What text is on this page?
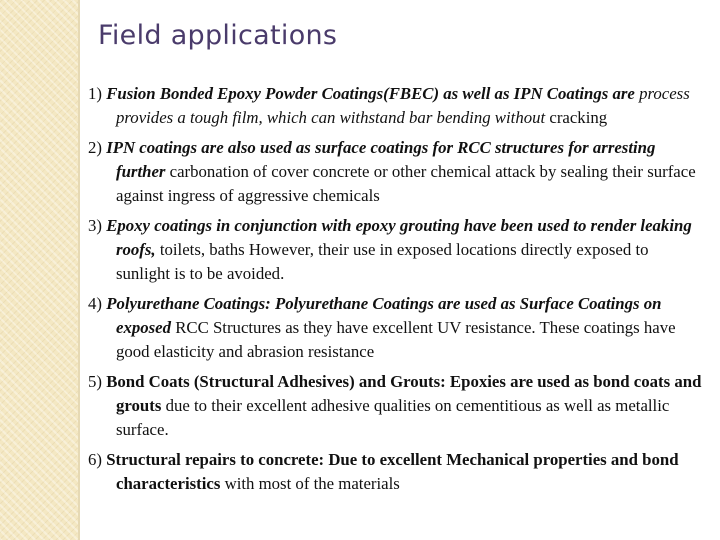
Field applications
1) Fusion Bonded Epoxy Powder Coatings(FBEC) as well as IPN Coatings are process provides a tough film, which can withstand bar bending without cracking
2) IPN coatings are also used as surface coatings for RCC structures for arresting further carbonation of cover concrete or other chemical attack by sealing their surface against ingress of aggressive chemicals
3) Epoxy coatings in conjunction with epoxy grouting have been used to render leaking roofs, toilets, baths However, their use in exposed locations directly exposed to sunlight is to be avoided.
4) Polyurethane Coatings: Polyurethane Coatings are used as Surface Coatings on exposed RCC Structures as they have excellent UV resistance. These coatings have good elasticity and abrasion resistance
5) Bond Coats (Structural Adhesives) and Grouts: Epoxies are used as bond coats and grouts due to their excellent adhesive qualities on cementitious as well as metallic surface.
6) Structural repairs to concrete: Due to excellent Mechanical properties and bond characteristics with most of the materials
